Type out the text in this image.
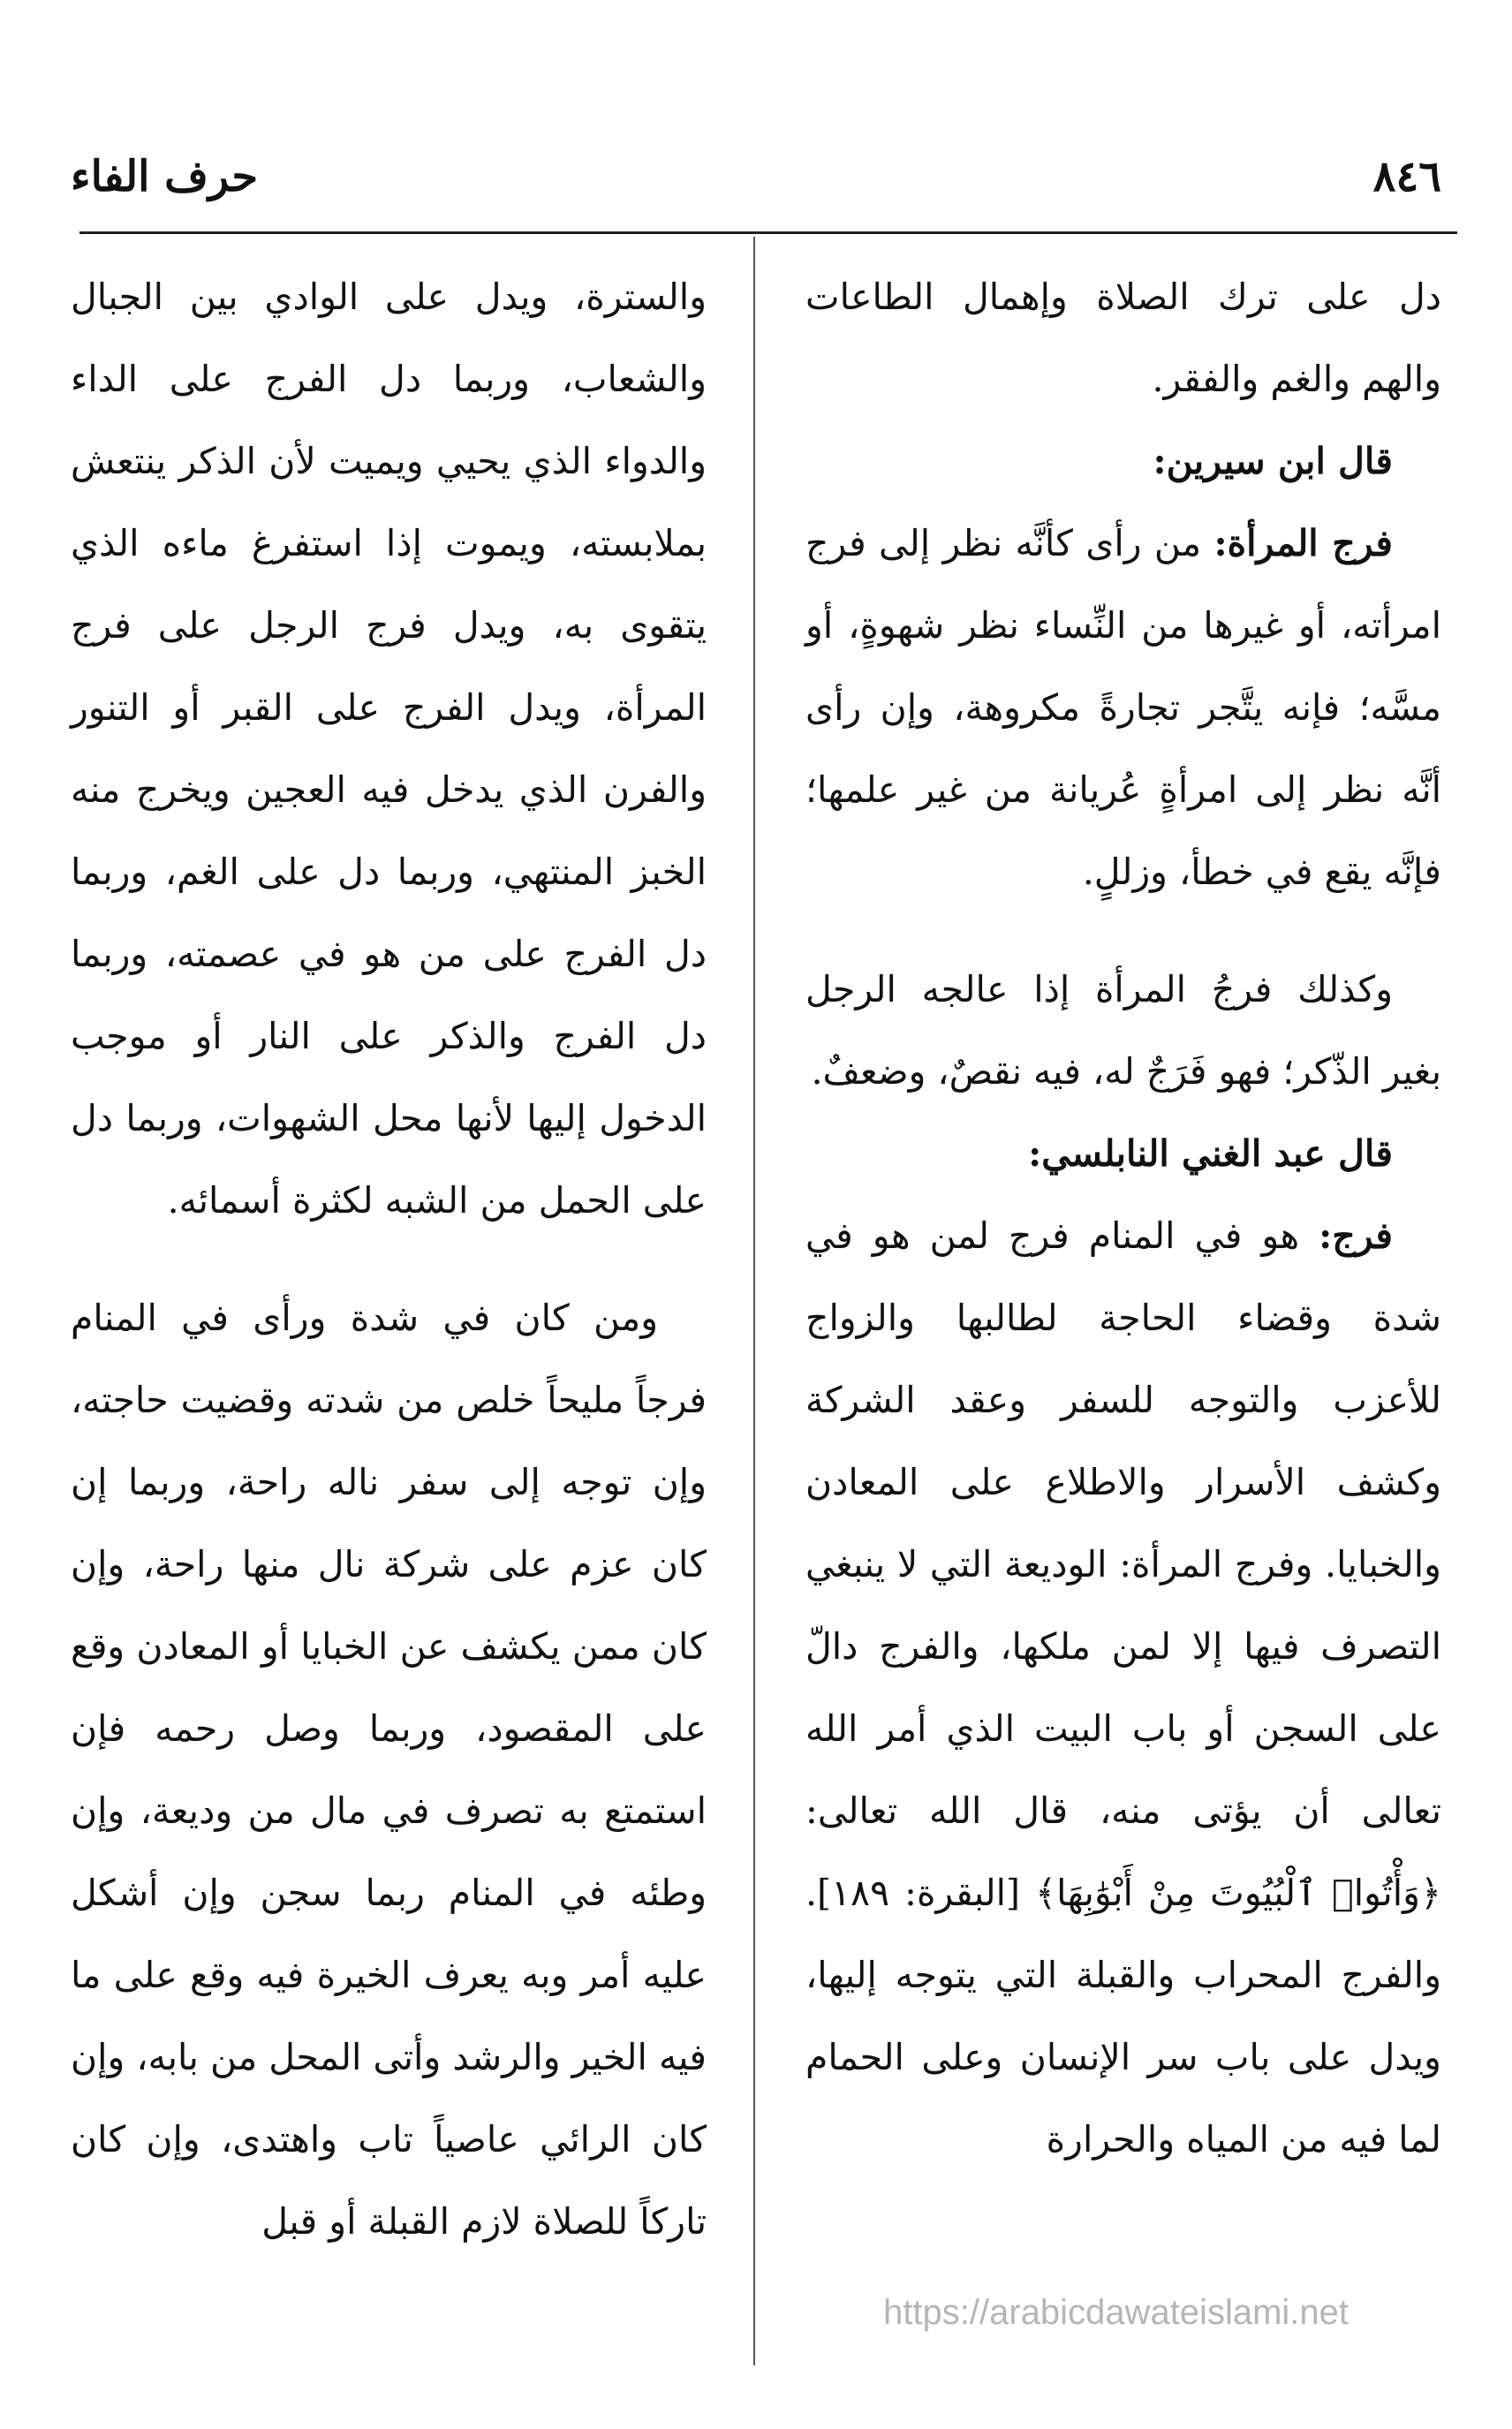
٨٤٦
حرف الفاء

دل على ترك الصلاة وإهمال الطاعات والهم والغم والفقر.

قال ابن سيرين:

فرج المرأة: من رأى كأنَّه نظر إلى فرج امرأته، أو غيرها من النِّساء نظر شهوةٍ، أو مسَّه؛ فإنه يتَّجر تجارةً مكروهة، وإن رأى أنَّه نظر إلى امرأةٍ عُريانة من غير علمها؛ فإنَّه يقع في خطأ، وزللٍ.

وكذلك فرجُ المرأة إذا عالجه الرجل بغير الذّكر؛ فهو فَرَجٌ له، فيه نقصٌ، وضعفٌ.

قال عبد الغني النابلسي:

فرج: هو في المنام فرج لمن هو في شدة وقضاء الحاجة لطالبها والزواج للأعزب والتوجه للسفر وعقد الشركة وكشف الأسرار والاطلاع على المعادن والخبايا. وفرج المرأة: الوديعة التي لا ينبغي التصرف فيها إلا لمن ملكها، والفرج دالّ على السجن أو باب البيت الذي أمر الله تعالى أن يؤتى منه، قال الله تعالى: ﴿وَأْتُوا۟ ٱلْبُيُوتَ مِنْ أَبْوَٰبِهَا﴾ [البقرة: ١٨٩]. والفرج المحراب والقبلة التي يتوجه إليها، ويدل على باب سر الإنسان وعلى الحمام لما فيه من المياه والحرارة

والسترة، ويدل على الوادي بين الجبال والشعاب، وربما دل الفرج على الداء والدواء الذي يحيي ويميت لأن الذكر ينتعش بملابسته، ويموت إذا استفرغ ماءه الذي يتقوى به، ويدل فرج الرجل على فرج المرأة، ويدل الفرج على القبر أو التنور والفرن الذي يدخل فيه العجين ويخرج منه الخبز المنتهي، وربما دل على الغم، وربما دل الفرج على من هو في عصمته، وربما دل الفرج والذكر على النار أو موجب الدخول إليها لأنها محل الشهوات، وربما دل على الحمل من الشبه لكثرة أسمائه.

ومن كان في شدة ورأى في المنام فرجاً مليحاً خلص من شدته وقضيت حاجته، وإن توجه إلى سفر ناله راحة، وربما إن كان عزم على شركة نال منها راحة، وإن كان ممن يكشف عن الخبايا أو المعادن وقع على المقصود، وربما وصل رحمه فإن استمتع به تصرف في مال من وديعة، وإن وطئه في المنام ربما سجن وإن أشكل عليه أمر وبه يعرف الخيرة فيه وقع على ما فيه الخير والرشد وأتى المحل من بابه، وإن كان الرائي عاصياً تاب واهتدى، وإن كان تاركاً للصلاة لازم القبلة أو قبل

https://arabicdawateislami.net
